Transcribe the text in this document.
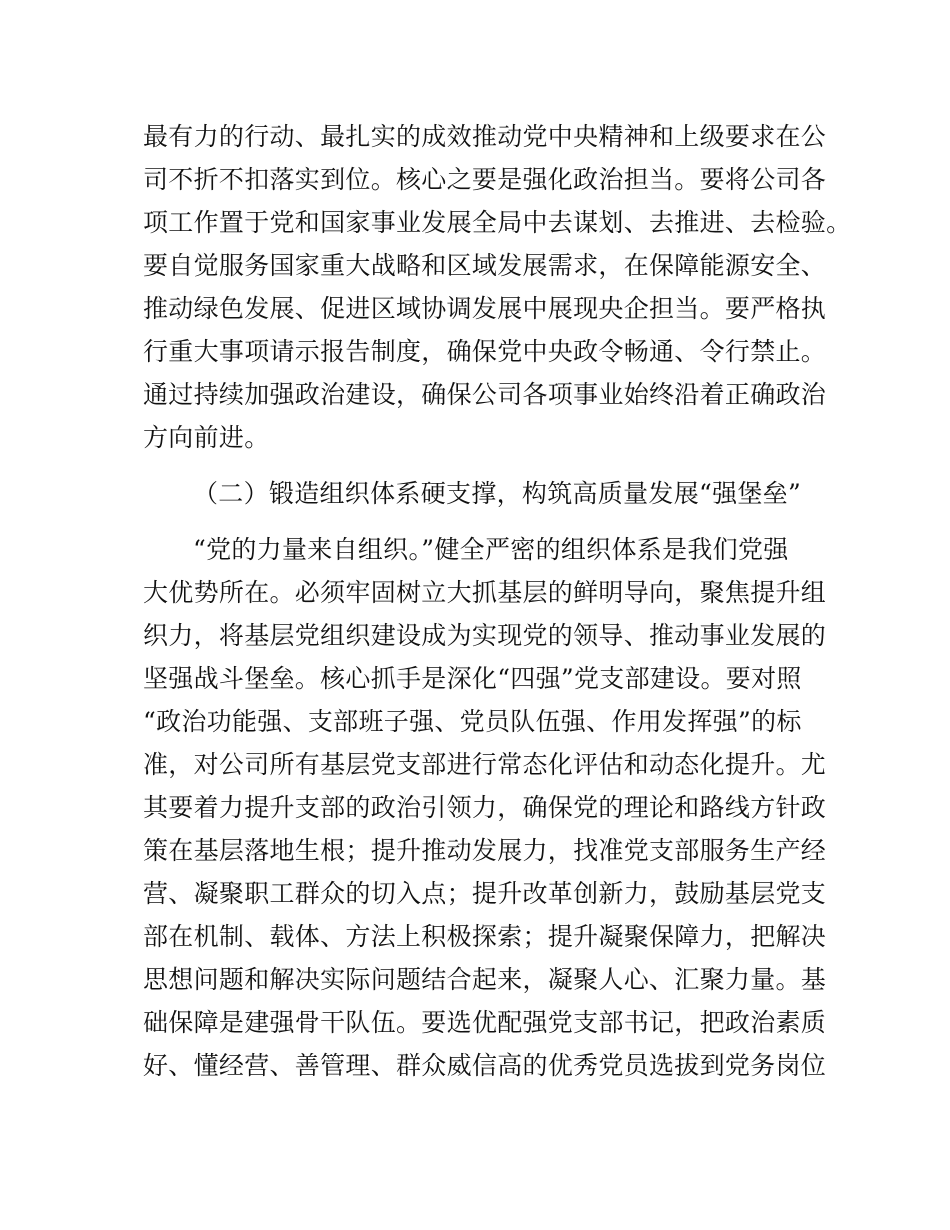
最有力的行动、最扎实的成效推动党中央精神和上级要求在公
司不折不扣落实到位。核心之要是强化政治担当。要将公司各
项工作置于党和国家事业发展全局中去谋划、去推进、去检验。
要自觉服务国家重大战略和区域发展需求，在保障能源安全、
推动绿色发展、促进区域协调发展中展现央企担当。要严格执
行重大事项请示报告制度，确保党中央政令畅通、令行禁止。
通过持续加强政治建设，确保公司各项事业始终沿着正确政治
方向前进。
（二）锻造组织体系硬支撑，构筑高质量发展“强堡垒”
“党的力量来自组织。”健全严密的组织体系是我们党强
大优势所在。必须牢固树立大抓基层的鲜明导向，聚焦提升组
织力，将基层党组织建设成为实现党的领导、推动事业发展的
坚强战斗堡垒。核心抓手是深化“四强”党支部建设。要对照
“政治功能强、支部班子强、党员队伍强、作用发挥强”的标
准，对公司所有基层党支部进行常态化评估和动态化提升。尤
其要着力提升支部的政治引领力，确保党的理论和路线方针政
策在基层落地生根；提升推动发展力，找准党支部服务生产经
营、凝聚职工群众的切入点；提升改革创新力，鼓励基层党支
部在机制、载体、方法上积极探索；提升凝聚保障力，把解决
思想问题和解决实际问题结合起来，凝聚人心、汇聚力量。基
础保障是建强骨干队伍。要选优配强党支部书记，把政治素质
好、懂经营、善管理、群众威信高的优秀党员选拔到党务岗位
